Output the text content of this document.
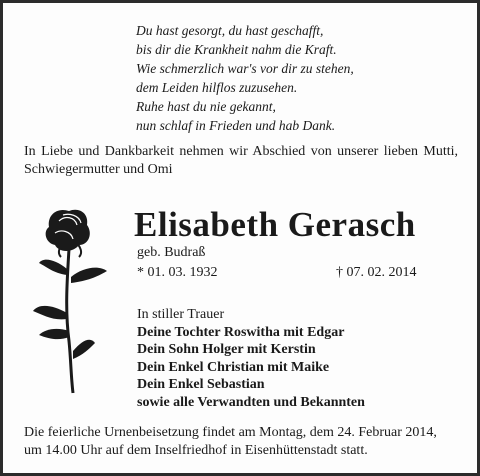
Du hast gesorgt, du hast geschafft,
bis dir die Krankheit nahm die Kraft.
Wie schmerzlich war's vor dir zu stehen,
dem Leiden hilflos zuzusehen.
Ruhe hast du nie gekannt,
nun schlaf in Frieden und hab Dank.
In Liebe und Dankbarkeit nehmen wir Abschied von unserer lieben Mutti, Schwiegermutter und Omi
Elisabeth Gerasch
geb. Budraß
* 01. 03. 1932	† 07. 02. 2014
In stiller Trauer
Deine Tochter Roswitha mit Edgar
Dein Sohn Holger mit Kerstin
Dein Enkel Christian mit Maike
Dein Enkel Sebastian
sowie alle Verwandten und Bekannten
Die feierliche Urnenbeisetzung findet am Montag, dem 24. Februar 2014, um 14.00 Uhr auf dem Inselfriedhof in Eisenhüttenstadt statt.
